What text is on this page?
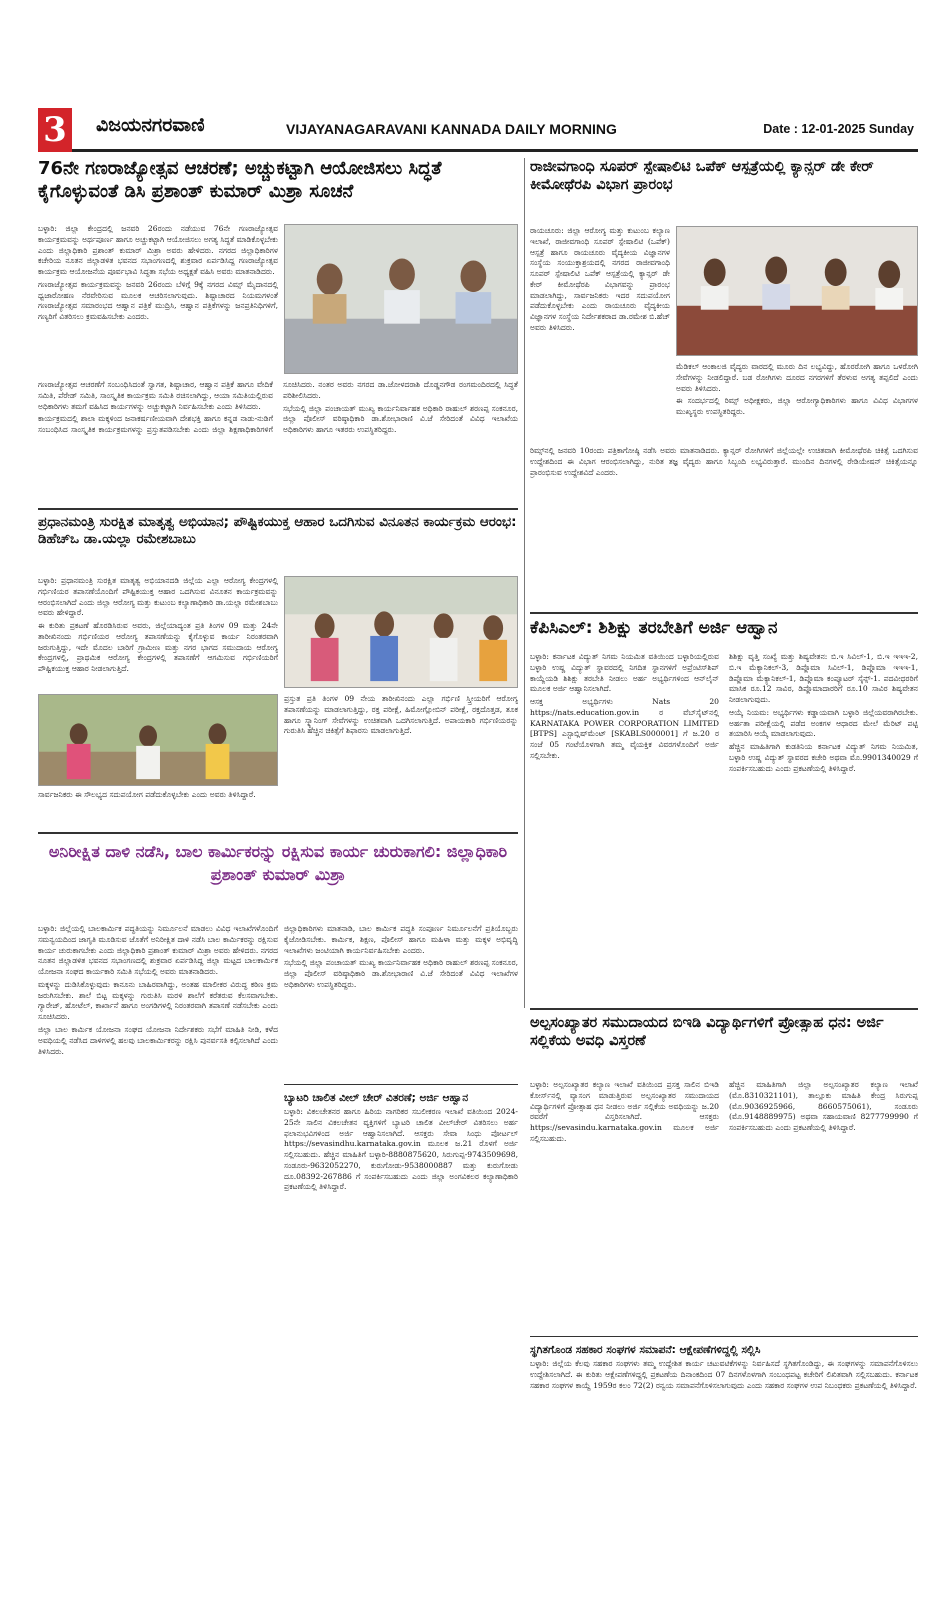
3 ವಿಜಯನಗರವಾಣಿ	VIJAYANAGARAVANI KANNADA DAILY MORNING	Date : 12-01-2025 Sunday
76ನೇ ಗಣರಾಜ್ಯೋತ್ಸವ ಆಚರಣೆ; ಅಚ್ಚುಕಟ್ಟಾಗಿ ಆಯೋಜಿಸಲು ಸಿದ್ಧತೆ ಕೈಗೊಳ್ಳುವಂತೆ ಡಿಸಿ ಪ್ರಶಾಂತ್ ಕುಮಾರ್ ಮಿಶ್ರಾ ಸೂಚನೆ

ಬಳ್ಳಾರಿ: ಜಿಲ್ಲಾ ಕೇಂದ್ರದಲ್ಲಿ ಜನವರಿ 26ರಂದು ನಡೆಯುವ 76ನೇ ಗಣರಾಜ್ಯೋತ್ಸವ ಕಾರ್ಯಕ್ರಮವನ್ನು ಅರ್ಥಪೂರ್ಣ ಹಾಗೂ ಅಚ್ಚುಕಟ್ಟಾಗಿ ಆಯೋಜಿಸಲು ಅಗತ್ಯ ಸಿದ್ಧತೆ ಮಾಡಿಕೊಳ್ಳಬೇಕು ಎಂದು ಜಿಲ್ಲಾಧಿಕಾರಿ ಪ್ರಶಾಂತ್ ಕುಮಾರ್ ಮಿಶ್ರಾ ಅವರು ಹೇಳಿದರು. ನಗರದ ಜಿಲ್ಲಾಧಿಕಾರಿಗಳ ಕಚೇರಿಯ ನೂತನ ಜಿಲ್ಲಾಡಳಿತ ಭವನದ ಸಭಾಂಗಣದಲ್ಲಿ ಶುಕ್ರವಾರ ಏರ್ಪಡಿಸಿದ್ದ ಗಣರಾಜ್ಯೋತ್ಸವ ಕಾರ್ಯಕ್ರಮ ಆಯೋಜನೆಯ ಪೂರ್ವಭಾವಿ ಸಿದ್ಧತಾ ಸಭೆಯ ಅಧ್ಯಕ್ಷತೆ ವಹಿಸಿ ಅವರು ಮಾತನಾಡಿದರು.

ಗಣರಾಜ್ಯೋತ್ಸವ ಕಾರ್ಯಕ್ರಮವನ್ನು ಜನವರಿ 26ರಂದು ಬೆಳಿಗ್ಗೆ 9ಕ್ಕೆ ನಗರದ ವಿಮ್ಸ್ ಮೈದಾನದಲ್ಲಿ ಧ್ವಜಾರೋಹಣ ನೆರವೇರಿಸುವ ಮೂಲಕ ಆಚರಿಸಲಾಗುವುದು. ಶಿಷ್ಟಾಚಾರದ ನಿಯಮಗಳಂತೆ ಗಣರಾಜ್ಯೋತ್ಸವ ಸಮಾರಂಭದ ಆಹ್ವಾನ ಪತ್ರಿಕೆ ಮುದ್ರಿಸಿ, ಆಹ್ವಾನ ಪತ್ರಿಕೆಗಳನ್ನು ಜನಪ್ರತಿನಿಧಿಗಳಿಗೆ, ಗಣ್ಯರಿಗೆ ವಿತರಿಸಲು ಕ್ರಮವಹಿಸಬೇಕು ಎಂದರು.

ಗಣರಾಜ್ಯೋತ್ಸವ ಆಚರಣೆಗೆ ಸಂಬಂಧಿಸಿದಂತೆ ಸ್ವಾಗತ, ಶಿಷ್ಟಾಚಾರ, ಆಹ್ವಾನ ಪತ್ರಿಕೆ ಹಾಗೂ ವೇದಿಕೆ ಸಮಿತಿ, ಪೆರೇಡ್ ಸಮಿತಿ, ಸಾಂಸ್ಕೃತಿಕ ಕಾರ್ಯಕ್ರಮ ಸಮಿತಿ ರಚಿಸಲಾಗಿದ್ದು, ಆಯಾ ಸಮಿತಿಯಲ್ಲಿರುವ ಅಧಿಕಾರಿಗಳು ತಮಗೆ ವಹಿಸಿದ ಕಾರ್ಯಗಳನ್ನು ಅಚ್ಚುಕಟ್ಟಾಗಿ ನಿರ್ವಹಿಸಬೇಕು ಎಂದು ತಿಳಿಸಿದರು.

ಕಾರ್ಯಕ್ರಮದಲ್ಲಿ ಶಾಲಾ ಮಕ್ಕಳಿಂದ ಜನಾಕರ್ಷಣೀಯವಾಗಿ ದೇಶಭಕ್ತಿ ಹಾಗೂ ಕನ್ನಡ ನಾಡು-ನುಡಿಗೆ ಸಂಬಂಧಿಸಿದ ಸಾಂಸ್ಕೃತಿಕ ಕಾರ್ಯಕ್ರಮಗಳನ್ನು ಪ್ರಸ್ತುತಪಡಿಸಬೇಕು ಎಂದು ಜಿಲ್ಲಾ ಶಿಕ್ಷಣಾಧಿಕಾರಿಗಳಿಗೆ ಸೂಚಿಸಿದರು. ನಂತರ ಅವರು ನಗರದ ಡಾ.ಜೋಳದರಾಶಿ ದೊಡ್ಡನಗೌಡ ರಂಗಮಂದಿರದಲ್ಲಿ ಸಿದ್ಧತೆ ಪರಿಶೀಲಿಸಿದರು.

ಸಭೆಯಲ್ಲಿ ಜಿಲ್ಲಾ ಪಂಚಾಯತ್ ಮುಖ್ಯ ಕಾರ್ಯನಿರ್ವಾಹಕ ಅಧಿಕಾರಿ ರಾಹುಲ್ ಶರಣಪ್ಪ ಸಂಕನೂರ, ಜಿಲ್ಲಾ ಪೊಲೀಸ್ ವರಿಷ್ಠಾಧಿಕಾರಿ ಡಾ.ಶೋಭಾರಾಣಿ ವಿ.ಜೆ ಸೇರಿದಂತೆ ವಿವಿಧ ಇಲಾಖೆಯ ಅಧಿಕಾರಿಗಳು ಹಾಗೂ ಇತರರು ಉಪಸ್ಥಿತರಿದ್ದರು.

ಪ್ರಧಾನಮಂತ್ರಿ ಸುರಕ್ಷಿತ ಮಾತೃತ್ವ ಅಭಿಯಾನ; ಪೌಷ್ಟಿಕಯುಕ್ತ ಆಹಾರ ಒದಗಿಸುವ ವಿನೂತನ ಕಾರ್ಯಕ್ರಮ ಆರಂಭ: ಡಿಹೆಚ್‌ಒ ಡಾ.ಯಲ್ಲಾ ರಮೇಶಬಾಬು

ಬಳ್ಳಾರಿ: ಪ್ರಧಾನಮಂತ್ರಿ ಸುರಕ್ಷಿತ ಮಾತೃತ್ವ ಅಭಿಯಾನದಡಿ ಜಿಲ್ಲೆಯ ಎಲ್ಲಾ ಆರೋಗ್ಯ ಕೇಂದ್ರಗಳಲ್ಲಿ ಗರ್ಭಿಣಿಯರ ತಪಾಸಣೆಯೊಂದಿಗೆ ಪೌಷ್ಟಿಕಯುಕ್ತ ಆಹಾರ ಒದಗಿಸುವ ವಿನೂತನ ಕಾರ್ಯಕ್ರಮವನ್ನು ಆರಂಭಿಸಲಾಗಿದೆ ಎಂದು ಜಿಲ್ಲಾ ಆರೋಗ್ಯ ಮತ್ತು ಕುಟುಂಬ ಕಲ್ಯಾಣಾಧಿಕಾರಿ ಡಾ.ಯಲ್ಲಾ ರಮೇಶಬಾಬು ಅವರು ಹೇಳಿದ್ದಾರೆ.

ಈ ಕುರಿತು ಪ್ರಕಟಣೆ ಹೊರಡಿಸಿರುವ ಅವರು, ಜಿಲ್ಲೆಯಾದ್ಯಂತ ಪ್ರತಿ ತಿಂಗಳ 09 ಮತ್ತು 24ನೇ ತಾರೀಖಿನಂದು ಗರ್ಭಿಣಿಯರ ಆರೋಗ್ಯ ತಪಾಸಣೆಯನ್ನು ಕೈಗೊಳ್ಳುವ ಕಾರ್ಯ ನಿರಂತರವಾಗಿ ಜರುಗುತ್ತಿದ್ದು, ಇದೇ ಮೊದಲ ಬಾರಿಗೆ ಗ್ರಾಮೀಣ ಮತ್ತು ನಗರ ಭಾಗದ ಸಮುದಾಯ ಆರೋಗ್ಯ ಕೇಂದ್ರಗಳಲ್ಲಿ, ಪ್ರಾಥಮಿಕ ಆರೋಗ್ಯ ಕೇಂದ್ರಗಳಲ್ಲಿ ತಪಾಸಣೆಗೆ ಆಗಮಿಸುವ ಗರ್ಭಿಣಿಯರಿಗೆ ಪೌಷ್ಟಿಕಯುಕ್ತ ಆಹಾರ ನೀಡಲಾಗುತ್ತಿದೆ.

ಪ್ರಸ್ತುತ ಪ್ರತಿ ತಿಂಗಳ 09 ನೇಯ ತಾರೀಖಿನಂದು ಎಲ್ಲಾ ಗರ್ಭಿಣಿ ಸ್ತ್ರೀಯರಿಗೆ ಆರೋಗ್ಯ ತಪಾಸಣೆಯನ್ನು ಮಾಡಲಾಗುತ್ತಿದ್ದು, ರಕ್ತ ಪರೀಕ್ಷೆ, ಹಿಮೋಗ್ಲೋಬಿನ್ ಪರೀಕ್ಷೆ, ರಕ್ತದೊತ್ತಡ, ತೂಕ ಹಾಗೂ ಸ್ಕ್ಯಾನಿಂಗ್ ಸೇವೆಗಳನ್ನು ಉಚಿತವಾಗಿ ಒದಗಿಸಲಾಗುತ್ತಿದೆ. ಅಪಾಯಕಾರಿ ಗರ್ಭಿಣಿಯರನ್ನು ಗುರುತಿಸಿ ಹೆಚ್ಚಿನ ಚಿಕಿತ್ಸೆಗೆ ಶಿಫಾರಸು ಮಾಡಲಾಗುತ್ತಿದೆ.

ಸಾರ್ವಜನಿಕರು ಈ ಸೌಲಭ್ಯದ ಸದುಪಯೋಗ ಪಡೆದುಕೊಳ್ಳಬೇಕು ಎಂದು ಅವರು ತಿಳಿಸಿದ್ದಾರೆ.

ರಾಜೀವಗಾಂಧಿ ಸೂಪರ್ ಸ್ಪೇಷಾಲಿಟಿ ಒಪೆಕ್ ಆಸ್ಪತ್ರೆಯಲ್ಲಿ ಕ್ಯಾನ್ಸರ್ ಡೇ ಕೇರ್ ಕೀಮೋಥೆರಪಿ ವಿಭಾಗ ಪ್ರಾರಂಭ

ರಾಯಚೂರು: ಜಿಲ್ಲಾ ಆರೋಗ್ಯ ಮತ್ತು ಕುಟುಂಬ ಕಲ್ಯಾಣ ಇಲಾಖೆ, ರಾಜೀವಗಾಂಧಿ ಸೂಪರ್ ಸ್ಪೇಷಾಲಿಟಿ (ಒಪೆಕ್) ಆಸ್ಪತ್ರೆ ಹಾಗೂ ರಾಯಚೂರು ವೈದ್ಯಕೀಯ ವಿಜ್ಞಾನಗಳ ಸಂಸ್ಥೆಯ ಸಂಯುಕ್ತಾಶ್ರಯದಲ್ಲಿ ನಗರದ ರಾಜೀವಗಾಂಧಿ ಸೂಪರ್ ಸ್ಪೇಷಾಲಿಟಿ ಒಪೆಕ್ ಆಸ್ಪತ್ರೆಯಲ್ಲಿ ಕ್ಯಾನ್ಸರ್ ಡೇ ಕೇರ್ ಕೀಮೋಥೆರಪಿ ವಿಭಾಗವನ್ನು ಪ್ರಾರಂಭ ಮಾಡಲಾಗಿದ್ದು, ಸಾರ್ವಜನಿಕರು ಇದರ ಸದುಪಯೋಗ ಪಡೆದುಕೊಳ್ಳಬೇಕು ಎಂದು ರಾಯಚೂರು ವೈದ್ಯಕೀಯ ವಿಜ್ಞಾನಗಳ ಸಂಸ್ಥೆಯ ನಿರ್ದೇಶಕರಾದ ಡಾ.ರಮೇಶ ಬಿ.ಹೆಚ್ ಅವರು ತಿಳಿಸಿದರು.

ಮೆಡಿಕಲ್ ಆಂಕಾಲಜಿ ವೈದ್ಯರು ವಾರದಲ್ಲಿ ಮೂರು ದಿನ ಲಭ್ಯವಿದ್ದು, ಹೊರರೋಗಿ ಹಾಗೂ ಒಳರೋಗಿ ಸೇವೆಗಳನ್ನು ನೀಡಲಿದ್ದಾರೆ. ಬಡ ರೋಗಿಗಳು ದೂರದ ನಗರಗಳಿಗೆ ತೆರಳುವ ಅಗತ್ಯ ತಪ್ಪಲಿದೆ ಎಂದು ಅವರು ತಿಳಿಸಿದರು.

ಈ ಸಂದರ್ಭದಲ್ಲಿ ರಿಮ್ಸ್ ಅಧೀಕ್ಷಕರು, ಜಿಲ್ಲಾ ಆರೋಗ್ಯಾಧಿಕಾರಿಗಳು ಹಾಗೂ ವಿವಿಧ ವಿಭಾಗಗಳ ಮುಖ್ಯಸ್ಥರು ಉಪಸ್ಥಿತರಿದ್ದರು.

ರಿಮ್ಸ್‌ನಲ್ಲಿ ಜನವರಿ 10ರಂದು ಪತ್ರಿಕಾಗೋಷ್ಠಿ ನಡೆಸಿ ಅವರು ಮಾತನಾಡಿದರು. ಕ್ಯಾನ್ಸರ್ ರೋಗಿಗಳಿಗೆ ಜಿಲ್ಲೆಯಲ್ಲೇ ಉಚಿತವಾಗಿ ಕೀಮೋಥೆರಪಿ ಚಿಕಿತ್ಸೆ ಒದಗಿಸುವ ಉದ್ದೇಶದಿಂದ ಈ ವಿಭಾಗ ಆರಂಭಿಸಲಾಗಿದ್ದು, ನುರಿತ ತಜ್ಞ ವೈದ್ಯರು ಹಾಗೂ ಸಿಬ್ಬಂದಿ ಲಭ್ಯವಿರುತ್ತಾರೆ. ಮುಂದಿನ ದಿನಗಳಲ್ಲಿ ರೇಡಿಯೇಷನ್ ಚಿಕಿತ್ಸೆಯನ್ನೂ ಪ್ರಾರಂಭಿಸುವ ಉದ್ದೇಶವಿದೆ ಎಂದರು.

ಕೆಪಿಸಿಎಲ್: ಶಿಶಿಕ್ಷು ತರಬೇತಿಗೆ ಅರ್ಜಿ ಆಹ್ವಾನ

ಬಳ್ಳಾರಿ: ಕರ್ನಾಟಕ ವಿದ್ಯುತ್ ನಿಗಮ ನಿಯಮಿತ ವತಿಯಿಂದ ಬಳ್ಳಾರಿಯಲ್ಲಿರುವ ಬಳ್ಳಾರಿ ಉಷ್ಣ ವಿದ್ಯುತ್ ಸ್ಥಾವರದಲ್ಲಿ ನಿಗದಿತ ಸ್ಥಾನಗಳಿಗೆ ಅಪ್ರೆಂಟಿಸ್‌ಶಿಪ್ ಕಾಯ್ದೆಯಡಿ ಶಿಶಿಕ್ಷು ತರಬೇತಿ ನೀಡಲು ಅರ್ಹ ಅಭ್ಯರ್ಥಿಗಳಿಂದ ಆನ್‌ಲೈನ್ ಮೂಲಕ ಅರ್ಜಿ ಆಹ್ವಾನಿಸಲಾಗಿದೆ.

ಆಸಕ್ತ ಅಭ್ಯರ್ಥಿಗಳು Nats 20 https://nats.education.gov.in ರ ವೆಬ್‌ಸೈಟ್‌ನಲ್ಲಿ KARNATAKA POWER CORPORATION LIMITED [BTPS] ಎಸ್ಟಾಬ್ಲಿಷ್‌ಮೆಂಟ್ [SKABLS000001] ಗೆ ಜ.20 ರ ಸಂಜೆ 05 ಗಂಟೆಯೊಳಗಾಗಿ ತಮ್ಮ ವೈಯಕ್ತಿಕ ವಿವರಗಳೊಂದಿಗೆ ಅರ್ಜಿ ಸಲ್ಲಿಸಬೇಕು.

ಶಿಶಿಕ್ಷು ವೃತ್ತಿ ಸಂಖ್ಯೆ ಮತ್ತು ಶಿಷ್ಯವೇತನ: ಬಿ.ಇ ಸಿವಿಲ್-1, ಬಿ.ಇ ಇಇಇ-2, ಬಿ.ಇ ಮೆಕ್ಯಾನಿಕಲ್-3, ಡಿಪ್ಲೊಮಾ ಸಿವಿಲ್-1, ಡಿಪ್ಲೊಮಾ ಇಇಇ-1, ಡಿಪ್ಲೊಮಾ ಮೆಕ್ಯಾನಿಕಲ್-1, ಡಿಪ್ಲೊಮಾ ಕಂಪ್ಯೂಟರ್ ಸೈನ್ಸ್-1. ಪದವೀಧರರಿಗೆ ಮಾಸಿಕ ರೂ.12 ಸಾವಿರ, ಡಿಪ್ಲೊಮಾದಾರರಿಗೆ ರೂ.10 ಸಾವಿರ ಶಿಷ್ಯವೇತನ ನೀಡಲಾಗುವುದು.

ಆಯ್ಕೆ ನಿಯಮ: ಅಭ್ಯರ್ಥಿಗಳು ಕಡ್ಡಾಯವಾಗಿ ಬಳ್ಳಾರಿ ಜಿಲ್ಲೆಯವರಾಗಿರಬೇಕು. ಅರ್ಹತಾ ಪರೀಕ್ಷೆಯಲ್ಲಿ ಪಡೆದ ಅಂಕಗಳ ಆಧಾರದ ಮೇಲೆ ಮೆರಿಟ್ ಪಟ್ಟಿ ತಯಾರಿಸಿ ಆಯ್ಕೆ ಮಾಡಲಾಗುವುದು.

ಹೆಚ್ಚಿನ ಮಾಹಿತಿಗಾಗಿ ಕುಡತಿನಿಯ ಕರ್ನಾಟಕ ವಿದ್ಯುತ್ ನಿಗಮ ನಿಯಮಿತ, ಬಳ್ಳಾರಿ ಉಷ್ಣ ವಿದ್ಯುತ್ ಸ್ಥಾವರದ ಕಚೇರಿ ಅಥವಾ ಮೊ.9901340029 ಗೆ ಸಂಪರ್ಕಿಸಬಹುದು ಎಂದು ಪ್ರಕಟಣೆಯಲ್ಲಿ ತಿಳಿಸಿದ್ದಾರೆ.

ಅನಿರೀಕ್ಷಿತ ದಾಳಿ ನಡೆಸಿ, ಬಾಲ ಕಾರ್ಮಿಕರನ್ನು ರಕ್ಷಿಸುವ ಕಾರ್ಯ ಚುರುಕಾಗಲಿ: ಜಿಲ್ಲಾಧಿಕಾರಿ ಪ್ರಶಾಂತ್ ಕುಮಾರ್ ಮಿಶ್ರಾ

ಬಳ್ಳಾರಿ: ಜಿಲ್ಲೆಯಲ್ಲಿ ಬಾಲಕಾರ್ಮಿಕ ಪದ್ಧತಿಯನ್ನು ನಿರ್ಮೂಲನೆ ಮಾಡಲು ವಿವಿಧ ಇಲಾಖೆಗಳೊಂದಿಗೆ ಸಮನ್ವಯದಿಂದ ಜಾಗೃತಿ ಮೂಡಿಸುವ ಜೊತೆಗೆ ಅನಿರೀಕ್ಷಿತ ದಾಳಿ ನಡೆಸಿ ಬಾಲ ಕಾರ್ಮಿಕರನ್ನು ರಕ್ಷಿಸುವ ಕಾರ್ಯ ಚುರುಕಾಗಬೇಕು ಎಂದು ಜಿಲ್ಲಾಧಿಕಾರಿ ಪ್ರಶಾಂತ್ ಕುಮಾರ್ ಮಿಶ್ರಾ ಅವರು ಹೇಳಿದರು. ನಗರದ ನೂತನ ಜಿಲ್ಲಾಡಳಿತ ಭವನದ ಸಭಾಂಗಣದಲ್ಲಿ ಶುಕ್ರವಾರ ಏರ್ಪಡಿಸಿದ್ದ ಜಿಲ್ಲಾ ಮಟ್ಟದ ಬಾಲಕಾರ್ಮಿಕ ಯೋಜನಾ ಸಂಘದ ಕಾರ್ಯಕಾರಿ ಸಮಿತಿ ಸಭೆಯಲ್ಲಿ ಅವರು ಮಾತನಾಡಿದರು.

ಮಕ್ಕಳನ್ನು ದುಡಿಸಿಕೊಳ್ಳುವುದು ಕಾನೂನು ಬಾಹಿರವಾಗಿದ್ದು, ಅಂತಹ ಮಾಲೀಕರ ವಿರುದ್ಧ ಕಠಿಣ ಕ್ರಮ ಜರುಗಿಸಬೇಕು. ಶಾಲೆ ಬಿಟ್ಟ ಮಕ್ಕಳನ್ನು ಗುರುತಿಸಿ ಮರಳಿ ಶಾಲೆಗೆ ಕರೆತರುವ ಕೆಲಸವಾಗಬೇಕು. ಗ್ಯಾರೇಜ್, ಹೋಟೆಲ್, ಕಾರ್ಖಾನೆ ಹಾಗೂ ಅಂಗಡಿಗಳಲ್ಲಿ ನಿರಂತರವಾಗಿ ತಪಾಸಣೆ ನಡೆಸಬೇಕು ಎಂದು ಸೂಚಿಸಿದರು.

ಜಿಲ್ಲಾ ಬಾಲ ಕಾರ್ಮಿಕ ಯೋಜನಾ ಸಂಘದ ಯೋಜನಾ ನಿರ್ದೇಶಕರು ಸಭೆಗೆ ಮಾಹಿತಿ ನೀಡಿ, ಕಳೆದ ಅವಧಿಯಲ್ಲಿ ನಡೆಸಿದ ದಾಳಿಗಳಲ್ಲಿ ಹಲವು ಬಾಲಕಾರ್ಮಿಕರನ್ನು ರಕ್ಷಿಸಿ ಪುನರ್ವಸತಿ ಕಲ್ಪಿಸಲಾಗಿದೆ ಎಂದು ತಿಳಿಸಿದರು.

ಜಿಲ್ಲಾಧಿಕಾರಿಗಳು ಮಾತನಾಡಿ, ಬಾಲ ಕಾರ್ಮಿಕ ಪದ್ಧತಿ ಸಂಪೂರ್ಣ ನಿರ್ಮೂಲನೆಗೆ ಪ್ರತಿಯೊಬ್ಬರು ಕೈಜೋಡಿಸಬೇಕು. ಕಾರ್ಮಿಕ, ಶಿಕ್ಷಣ, ಪೊಲೀಸ್ ಹಾಗೂ ಮಹಿಳಾ ಮತ್ತು ಮಕ್ಕಳ ಅಭಿವೃದ್ಧಿ ಇಲಾಖೆಗಳು ಜಂಟಿಯಾಗಿ ಕಾರ್ಯನಿರ್ವಹಿಸಬೇಕು ಎಂದರು.

ಸಭೆಯಲ್ಲಿ ಜಿಲ್ಲಾ ಪಂಚಾಯತ್ ಮುಖ್ಯ ಕಾರ್ಯನಿರ್ವಾಹಕ ಅಧಿಕಾರಿ ರಾಹುಲ್ ಶರಣಪ್ಪ ಸಂಕನೂರ, ಜಿಲ್ಲಾ ಪೊಲೀಸ್ ವರಿಷ್ಠಾಧಿಕಾರಿ ಡಾ.ಶೋಭಾರಾಣಿ ವಿ.ಜೆ ಸೇರಿದಂತೆ ವಿವಿಧ ಇಲಾಖೆಗಳ ಅಧಿಕಾರಿಗಳು ಉಪಸ್ಥಿತರಿದ್ದರು.

ಬ್ಯಾಟರಿ ಚಾಲಿತ ವೀಲ್ ಚೇರ್ ವಿತರಣೆ; ಅರ್ಜಿ ಆಹ್ವಾನ
ಬಳ್ಳಾರಿ: ವಿಕಲಚೇತನರ ಹಾಗೂ ಹಿರಿಯ ನಾಗರಿಕರ ಸಬಲೀಕರಣ ಇಲಾಖೆ ವತಿಯಿಂದ 2024-25ನೇ ಸಾಲಿನ ವಿಕಲಚೇತನ ವ್ಯಕ್ತಿಗಳಿಗೆ ಬ್ಯಾಟರಿ ಚಾಲಿತ ವೀಲ್‌ಚೇರ್ ವಿತರಿಸಲು ಅರ್ಹ ಫಲಾನುಭವಿಗಳಿಂದ ಅರ್ಜಿ ಆಹ್ವಾನಿಸಲಾಗಿದೆ. ಆಸಕ್ತರು ಸೇವಾ ಸಿಂಧು ಪೋರ್ಟಲ್ https://sevasindhu.karnataka.gov.in ಮೂಲಕ ಜ.21 ರೊಳಗೆ ಅರ್ಜಿ ಸಲ್ಲಿಸಬಹುದು. ಹೆಚ್ಚಿನ ಮಾಹಿತಿಗೆ ಬಳ್ಳಾರಿ-8880875620, ಸಿರುಗುಪ್ಪ-9743509698, ಸಂಡೂರು-9632052270, ಕುರುಗೋಡು-9538000887 ಮತ್ತು ಕುರುಗೋಡು ದೂ.08392-267886 ಗೆ ಸಂಪರ್ಕಿಸಬಹುದು ಎಂದು ಜಿಲ್ಲಾ ಅಂಗವಿಕಲರ ಕಲ್ಯಾಣಾಧಿಕಾರಿ ಪ್ರಕಟಣೆಯಲ್ಲಿ ತಿಳಿಸಿದ್ದಾರೆ.
ಅಲ್ಪಸಂಖ್ಯಾತರ ಸಮುದಾಯದ ಬಿಇಡಿ ವಿದ್ಯಾರ್ಥಿಗಳಿಗೆ ಪ್ರೋತ್ಸಾಹ ಧನ: ಅರ್ಜಿ ಸಲ್ಲಿಕೆಯ ಅವಧಿ ವಿಸ್ತರಣೆ

ಬಳ್ಳಾರಿ: ಅಲ್ಪಸಂಖ್ಯಾತರ ಕಲ್ಯಾಣ ಇಲಾಖೆ ವತಿಯಿಂದ ಪ್ರಸಕ್ತ ಸಾಲಿನ ಬಿಇಡಿ ಕೋರ್ಸ್‌ನಲ್ಲಿ ವ್ಯಾಸಂಗ ಮಾಡುತ್ತಿರುವ ಅಲ್ಪಸಂಖ್ಯಾತರ ಸಮುದಾಯದ ವಿದ್ಯಾರ್ಥಿಗಳಿಗೆ ಪ್ರೋತ್ಸಾಹ ಧನ ನೀಡಲು ಅರ್ಜಿ ಸಲ್ಲಿಕೆಯ ಅವಧಿಯನ್ನು ಜ.20 ರವರೆಗೆ ವಿಸ್ತರಿಸಲಾಗಿದೆ. ಆಸಕ್ತರು https://sevasindu.karnataka.gov.in ಮೂಲಕ ಅರ್ಜಿ ಸಲ್ಲಿಸಬಹುದು.

ಹೆಚ್ಚಿನ ಮಾಹಿತಿಗಾಗಿ ಜಿಲ್ಲಾ ಅಲ್ಪಸಂಖ್ಯಾತರ ಕಲ್ಯಾಣ ಇಲಾಖೆ (ಮೊ.8310321101), ತಾಲ್ಲೂಕು ಮಾಹಿತಿ ಕೇಂದ್ರ ಸಿರುಗುಪ್ಪ (ಮೊ.9036925966, 8660575061), ಸಂಡೂರು (ಮೊ.9148889975) ಅಥವಾ ಸಹಾಯವಾಣಿ 8277799990 ಗೆ ಸಂಪರ್ಕಿಸಬಹುದು ಎಂದು ಪ್ರಕಟಣೆಯಲ್ಲಿ ತಿಳಿಸಿದ್ದಾರೆ.

ಸ್ಥಗಿತಗೊಂಡ ಸಹಕಾರ ಸಂಘಗಳ ಸಮಾಪನೆ: ಆಕ್ಷೇಪಣೆಗಳಿದ್ದಲ್ಲಿ ಸಲ್ಲಿಸಿ
ಬಳ್ಳಾರಿ: ಜಿಲ್ಲೆಯ ಕೆಲವು ಸಹಕಾರ ಸಂಘಗಳು ತಮ್ಮ ಉದ್ದೇಶಿತ ಕಾರ್ಯ ಚಟುವಟಿಕೆಗಳನ್ನು ನಿರ್ವಹಿಸದೆ ಸ್ಥಗಿತಗೊಂಡಿದ್ದು, ಈ ಸಂಘಗಳನ್ನು ಸಮಾಪನೆಗೊಳಿಸಲು ಉದ್ದೇಶಿಸಲಾಗಿದೆ. ಈ ಕುರಿತು ಆಕ್ಷೇಪಣೆಗಳಿದ್ದಲ್ಲಿ ಪ್ರಕಟಣೆಯ ದಿನಾಂಕದಿಂದ 07 ದಿನಗಳೊಳಗಾಗಿ ಸಂಬಂಧಪಟ್ಟ ಕಚೇರಿಗೆ ಲಿಖಿತವಾಗಿ ಸಲ್ಲಿಸಬಹುದು. ಕರ್ನಾಟಕ ಸಹಕಾರ ಸಂಘಗಳ ಕಾಯ್ದೆ 1959ರ ಕಲಂ 72(2) ರನ್ವಯ ಸಮಾಪನೆಗೊಳಿಸಲಾಗುವುದು ಎಂದು ಸಹಕಾರ ಸಂಘಗಳ ಉಪ ನಿಬಂಧಕರು ಪ್ರಕಟಣೆಯಲ್ಲಿ ತಿಳಿಸಿದ್ದಾರೆ.
